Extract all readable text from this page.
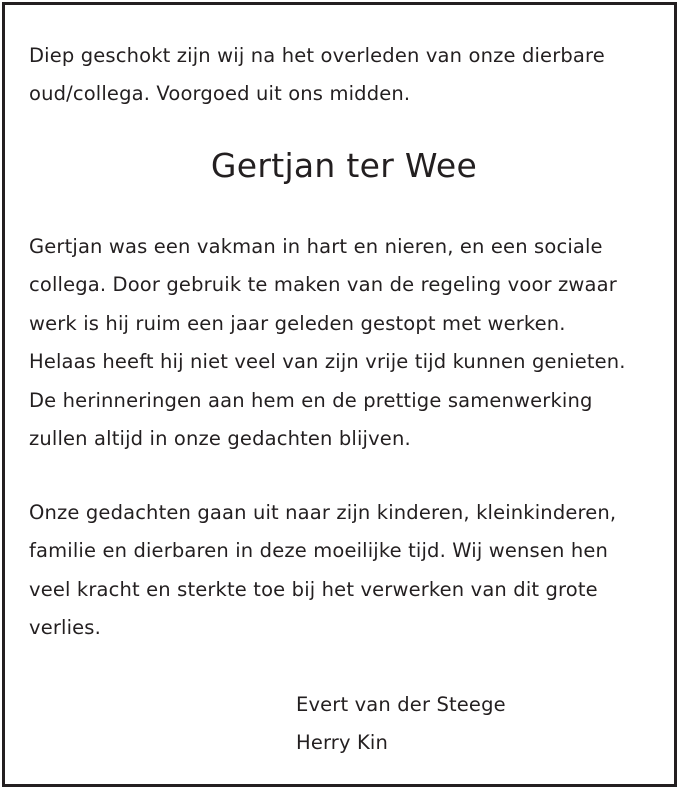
Diep geschokt zijn wij na het overleden van onze dierbare
oud/collega. Voorgoed uit ons midden.
Gertjan ter Wee
Gertjan was een vakman in hart en nieren, en een sociale
collega. Door gebruik te maken van de regeling voor zwaar
werk is hij ruim een jaar geleden gestopt met werken.
Helaas heeft hij niet veel van zijn vrije tijd kunnen genieten.
De herinneringen aan hem en de prettige samenwerking
zullen altijd in onze gedachten blijven.
Onze gedachten gaan uit naar zijn kinderen, kleinkinderen,
familie en dierbaren in deze moeilijke tijd. Wij wensen hen
veel kracht en sterkte toe bij het verwerken van dit grote
verlies.
Evert van der Steege
Herry Kin
